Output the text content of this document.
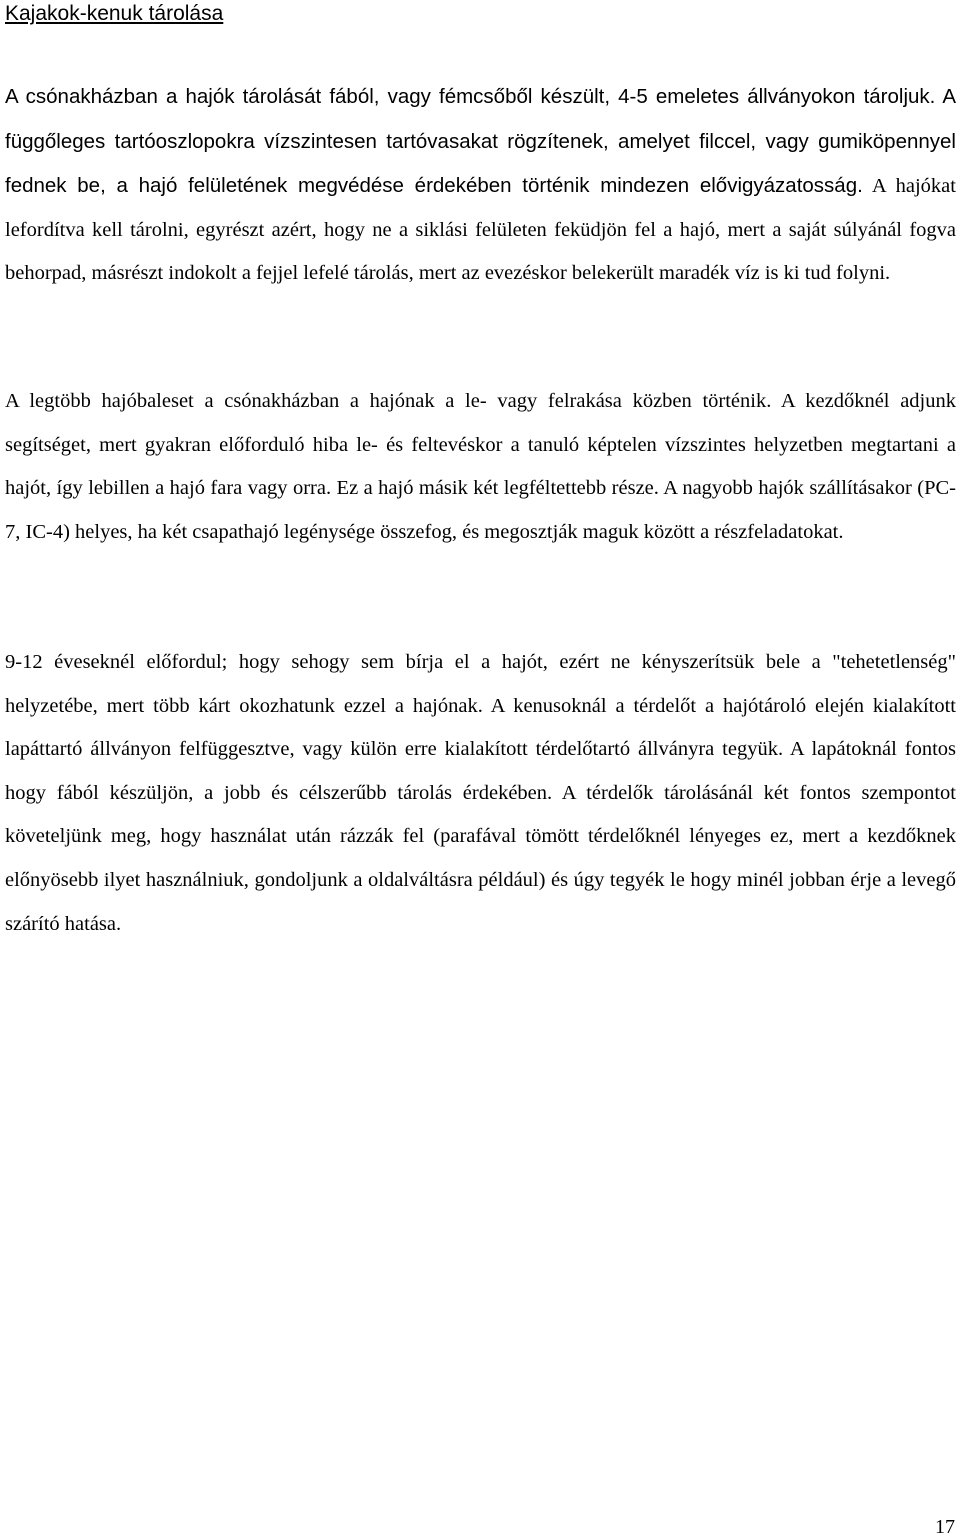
Kajakok-kenuk tárolása

A csónakházban a hajók tárolását fából, vagy fémcsőből készült, 4-5 emeletes állványokon tároljuk. A függőleges tartóoszlopokra vízszintesen tartóvasakat rögzítenek, amelyet filccel, vagy gumiköpennyel fednek be, a hajó felületének megvédése érdekében történik mindezen elővigyázatosság. A hajókat lefordítva kell tárolni, egyrészt azért, hogy ne a siklási felületen feküdjön fel a hajó, mert a saját súlyánál fogva behorpad, másrészt indokolt a fejjel lefelé tárolás, mert az evezéskor belekerült maradék víz is ki tud folyni.

A legtöbb hajóbaleset a csónakházban a hajónak a le- vagy felrakása közben történik. A kezdőknél adjunk segítséget, mert gyakran előforduló hiba le- és feltevéskor a tanuló képtelen vízszintes helyzetben megtartani a hajót, így lebillen a hajó fara vagy orra. Ez a hajó másik két legféltettebb része. A nagyobb hajók szállításakor (PC-7, IC-4) helyes, ha két csapathajó legénysége összefog, és megosztják maguk között a részfeladatokat.

9-12 éveseknél előfordul; hogy sehogy sem bírja el a hajót, ezért ne kényszerítsük bele a "tehetetlenség" helyzetébe, mert több kárt okozhatunk ezzel a hajónak. A kenusoknál a térdelőt a hajótároló elején kialakított lapáttartó állványon felfüggesztve, vagy külön erre kialakított térdelőtartó állványra tegyük. A lapátoknál fontos hogy fából készüljön, a jobb és célszerűbb tárolás érdekében. A térdelők tárolásánál két fontos szempontot követeljünk meg, hogy használat után rázzák fel (parafával tömött térdelőknél lényeges ez, mert a kezdőknek előnyösebb ilyet használniuk, gondoljunk a oldalváltásra például) és úgy tegyék le hogy minél jobban érje a levegő szárító hatása.

17
